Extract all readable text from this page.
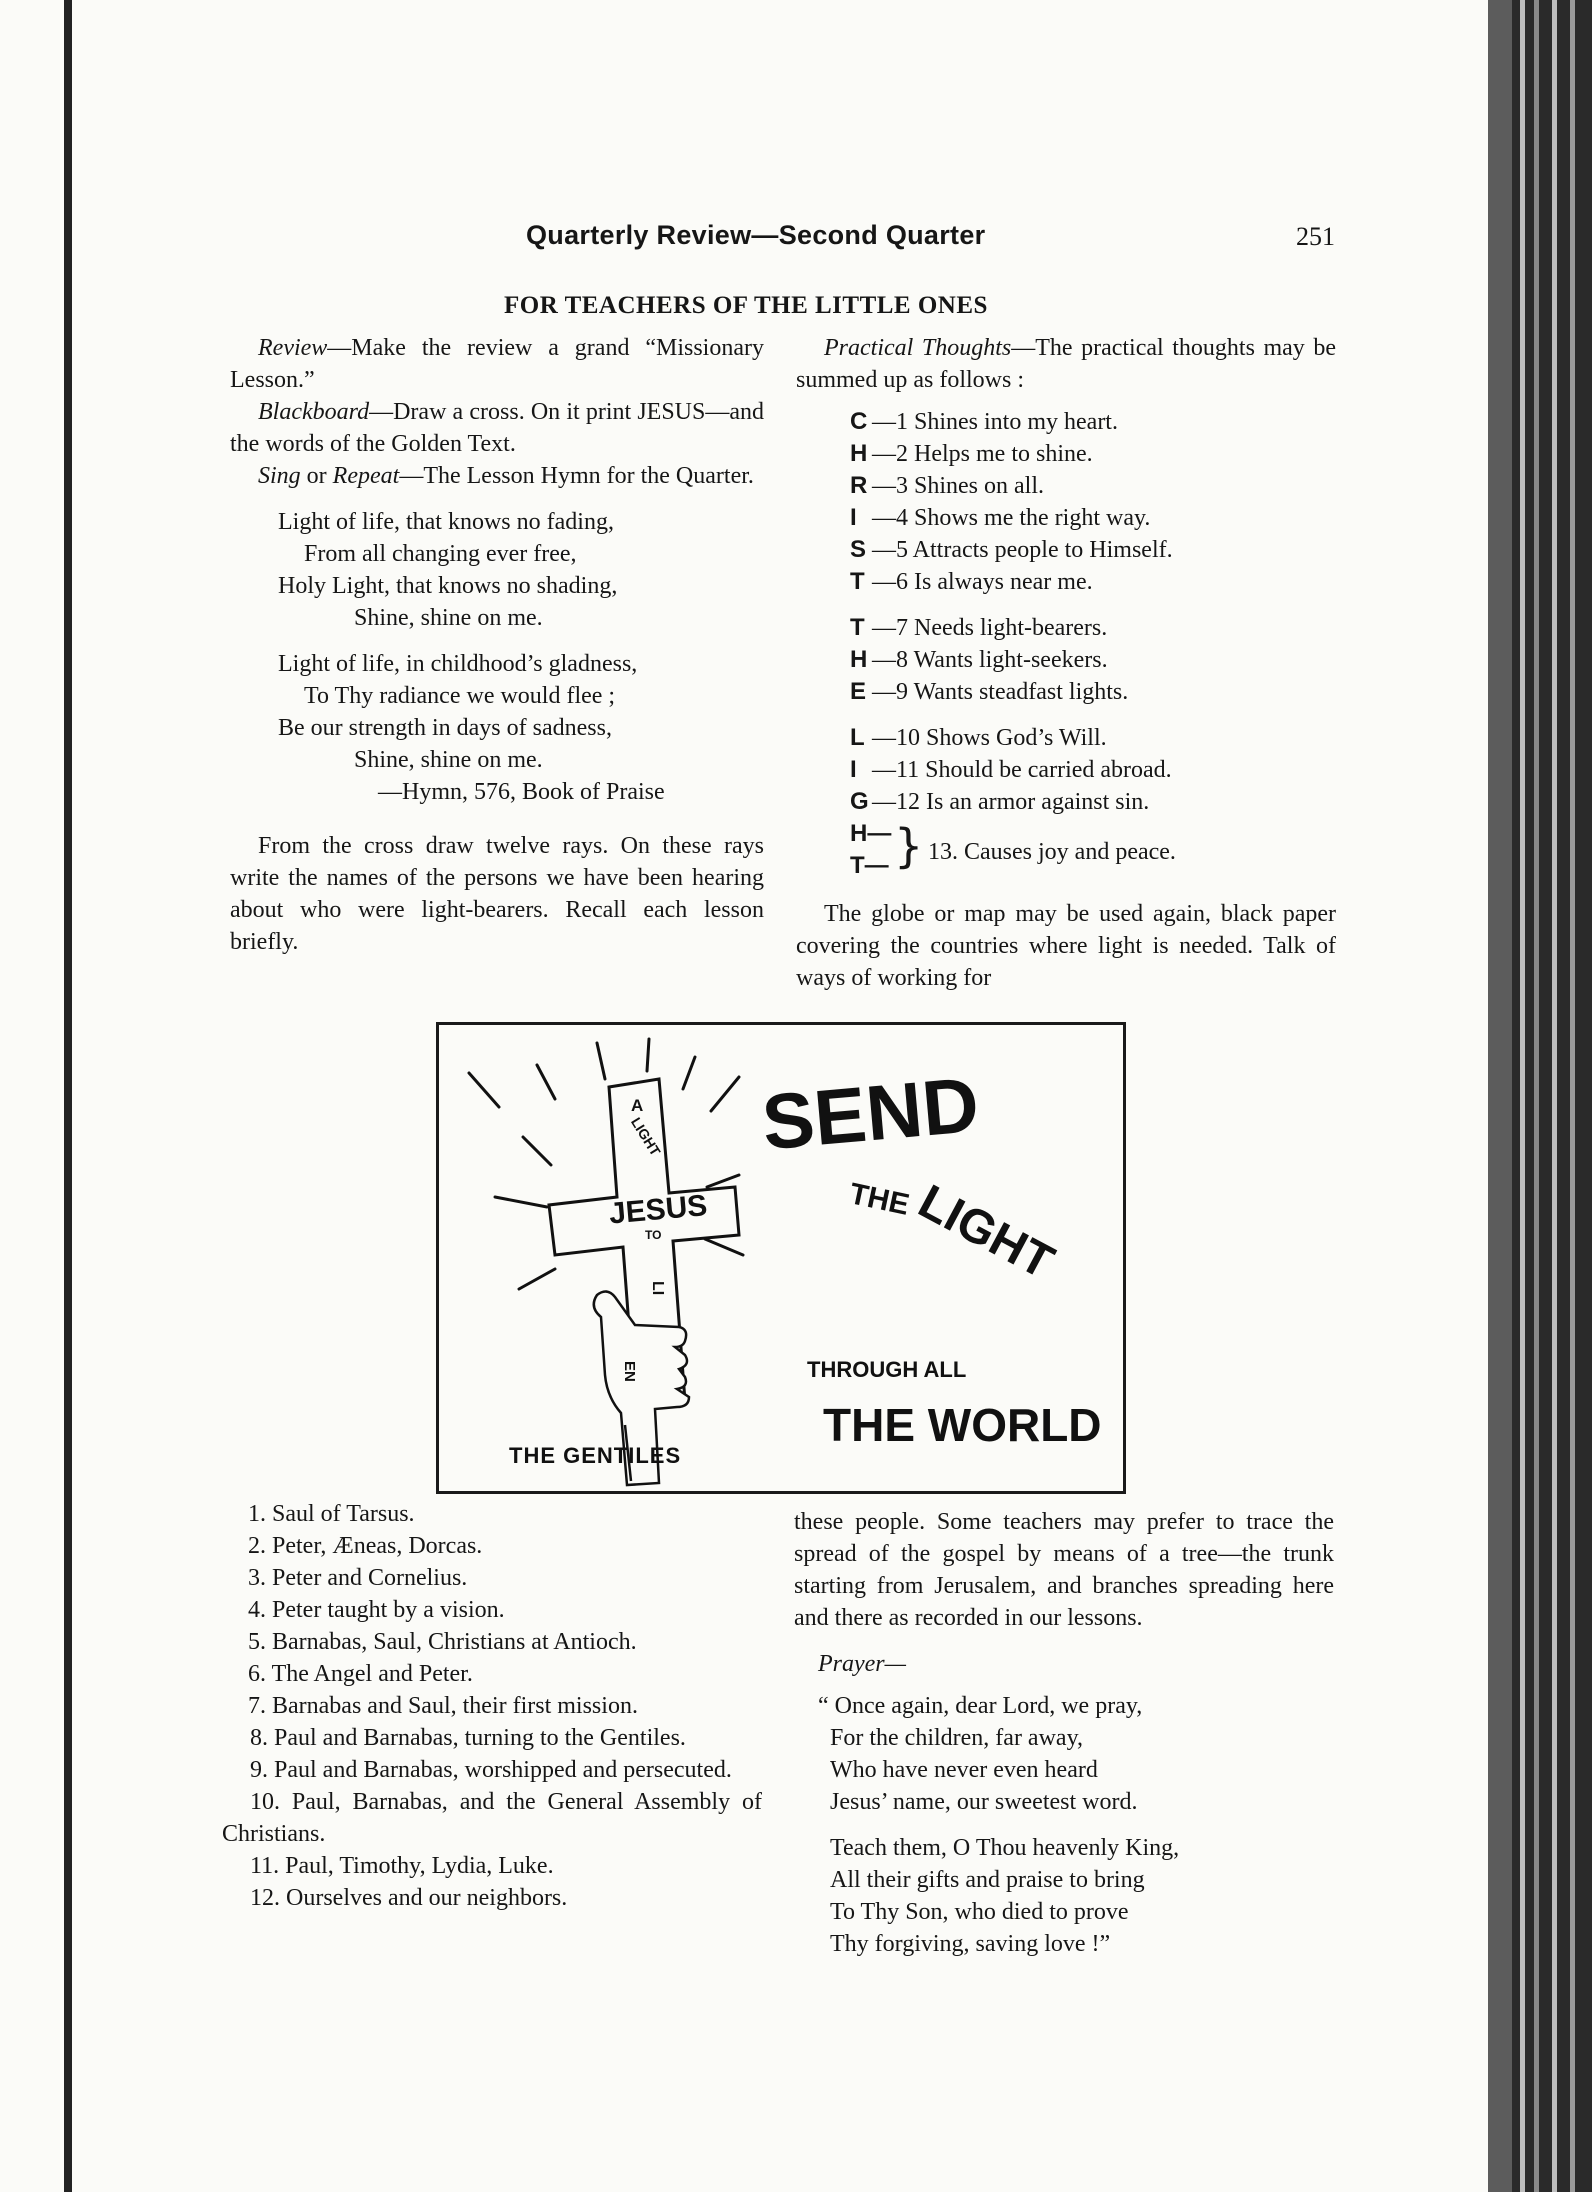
Quarterly Review—Second Quarter	251
FOR TEACHERS OF THE LITTLE ONES
Review—Make the review a grand “Missionary Lesson.”
Blackboard—Draw a cross. On it print JESUS—and the words of the Golden Text.
Sing or Repeat—The Lesson Hymn for the Quarter.
Light of life, that knows no fading,
From all changing ever free,
Holy Light, that knows no shading,
Shine, shine on me.
Light of life, in childhood’s gladness,
To Thy radiance we would flee ;
Be our strength in days of sadness,
Shine, shine on me.
—Hymn, 576, Book of Praise
From the cross draw twelve rays. On these rays write the names of the persons we have been hearing about who were light-bearers. Recall each lesson briefly.
Practical Thoughts—The practical thoughts may be summed up as follows :
C —1 Shines into my heart.
H —2 Helps me to shine.
R —3 Shines on all.
I —4 Shows me the right way.
S —5 Attracts people to Himself.
T —6 Is always near me.
T —7 Needs light-bearers.
H —8 Wants light-seekers.
E —9 Wants steadfast lights.
L —10 Shows God’s Will.
I —11 Should be carried abroad.
G —12 Is an armor against sin.
H—
T— } 13. Causes joy and peace.
The globe or map may be used again, black paper covering the countries where light is needed. Talk of ways of working for
JESUS
A
LIGHT
TO
LI
EN
THE GENTILES
SEND
THE
LIGHT
THROUGH ALL
THE WORLD
1. Saul of Tarsus.
2. Peter, Æneas, Dorcas.
3. Peter and Cornelius.
4. Peter taught by a vision.
5. Barnabas, Saul, Christians at Antioch.
6. The Angel and Peter.
7. Barnabas and Saul, their first mission.
8. Paul and Barnabas, turning to the Gentiles.
9. Paul and Barnabas, worshipped and persecuted.
10. Paul, Barnabas, and the General Assembly of Christians.
11. Paul, Timothy, Lydia, Luke.
12. Ourselves and our neighbors.
these people. Some teachers may prefer to trace the spread of the gospel by means of a tree—the trunk starting from Jerusalem, and branches spreading here and there as recorded in our lessons.
Prayer—
“ Once again, dear Lord, we pray,
For the children, far away,
Who have never even heard
Jesus’ name, our sweetest word.
Teach them, O Thou heavenly King,
All their gifts and praise to bring
To Thy Son, who died to prove
Thy forgiving, saving love !”
